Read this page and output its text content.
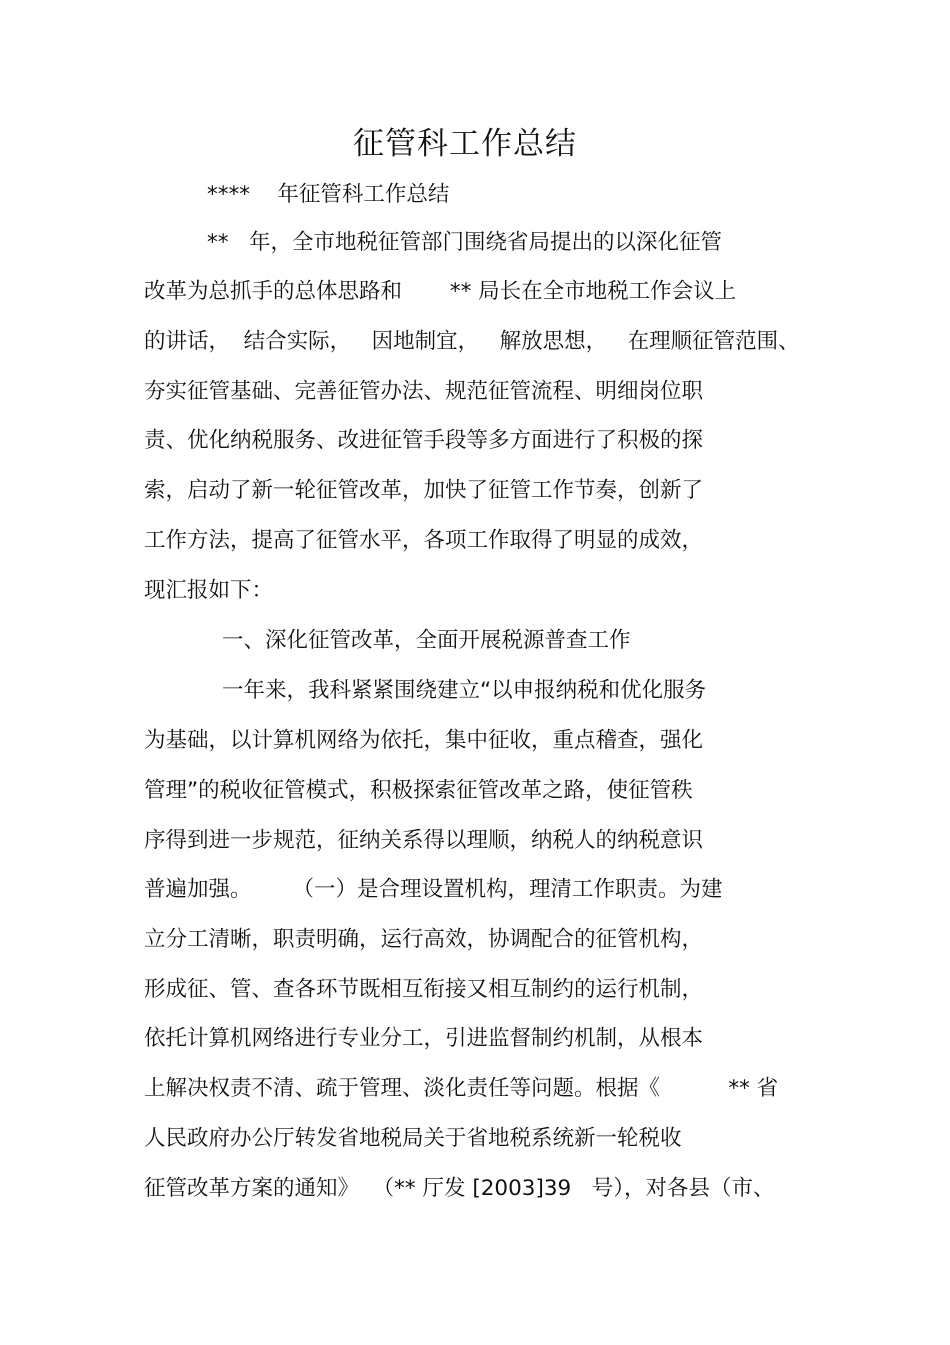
征管科工作总结
****    年征管科工作总结
**   年，全市地税征管部门围绕省局提出的以深化征管
改革为总抓手的总体思路和       ** 局长在全市地税工作会议上
的讲话，  结合实际，   因地制宜，   解放思想，   在理顺征管范围、
夯实征管基础、完善征管办法、规范征管流程、明细岗位职
责、优化纳税服务、改进征管手段等多方面进行了积极的探
索，启动了新一轮征管改革，加快了征管工作节奏，创新了
工作方法，提高了征管水平，各项工作取得了明显的成效，
现汇报如下：
一、深化征管改革，全面开展税源普查工作
一年来，我科紧紧围绕建立“以申报纳税和优化服务
为基础，以计算机网络为依托，集中征收，重点稽查，强化
管理”的税收征管模式，积极探索征管改革之路，使征管秩
序得到进一步规范，征纳关系得以理顺，纳税人的纳税意识
普遍加强。      （一）是合理设置机构，理清工作职责。为建
立分工清晰，职责明确，运行高效，协调配合的征管机构，
形成征、管、查各环节既相互衔接又相互制约的运行机制，
依托计算机网络进行专业分工，引进监督制约机制，从根本
上解决权责不清、疏于管理、淡化责任等问题。根据《          ** 省
人民政府办公厅转发省地税局关于省地税系统新一轮税收
征管改革方案的通知》  （** 厅发 [2003]39   号），对各县（市、
